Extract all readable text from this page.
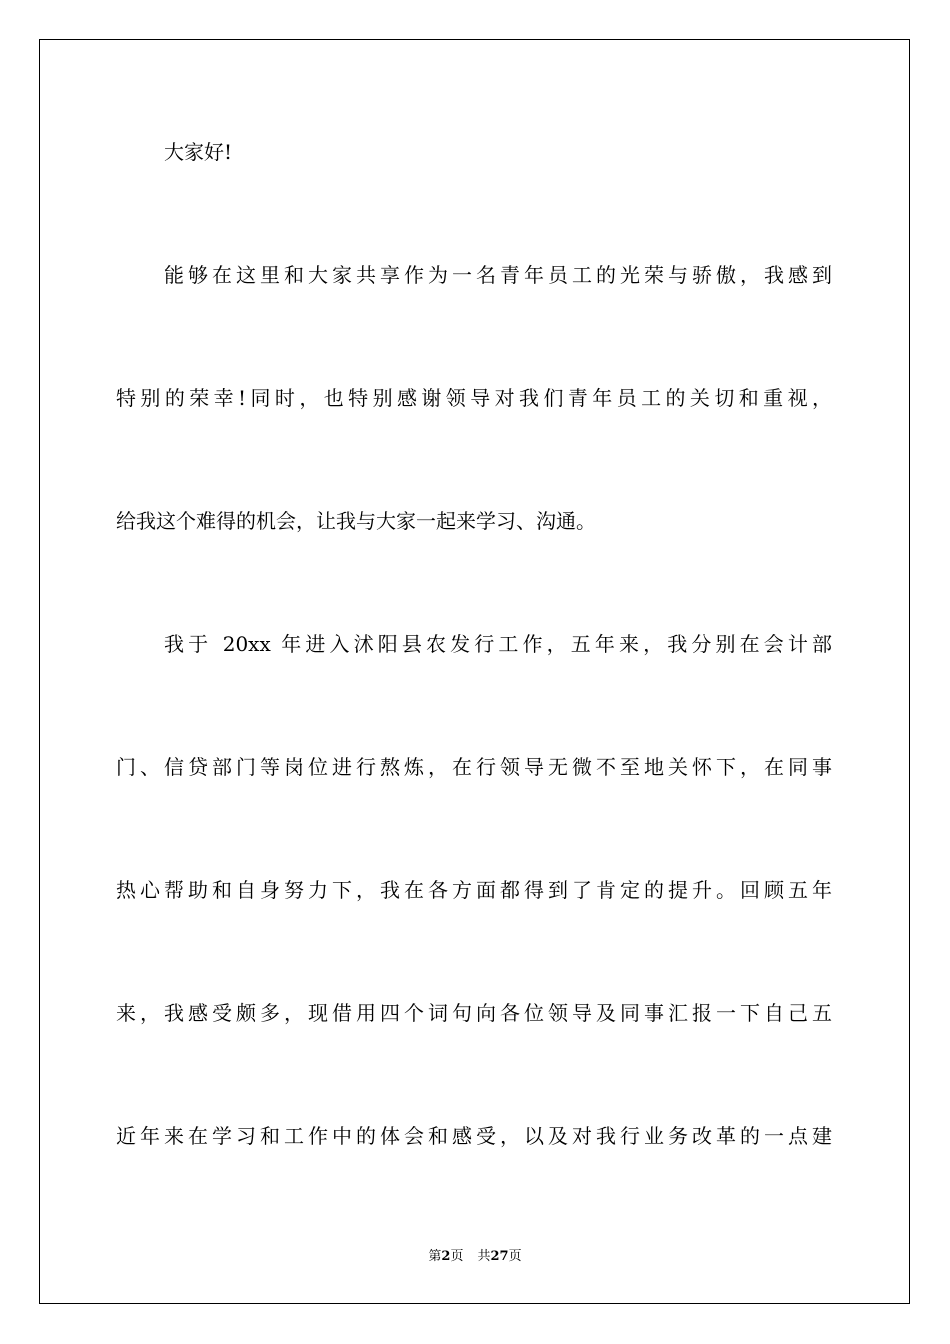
大家好!
能够在这里和大家共享作为一名青年员工的光荣与骄傲，我感到
特别的荣幸!同时，也特别感谢领导对我们青年员工的关切和重视，
给我这个难得的机会，让我与大家一起来学习、沟通。
我于 20xx 年进入沭阳县农发行工作，五年来，我分别在会计部
门、信贷部门等岗位进行熬炼，在行领导无微不至地关怀下，在同事
热心帮助和自身努力下，我在各方面都得到了肯定的提升。回顾五年
来，我感受颇多，现借用四个词句向各位领导及同事汇报一下自己五
近年来在学习和工作中的体会和感受，以及对我行业务改革的一点建
第2页 共27页
